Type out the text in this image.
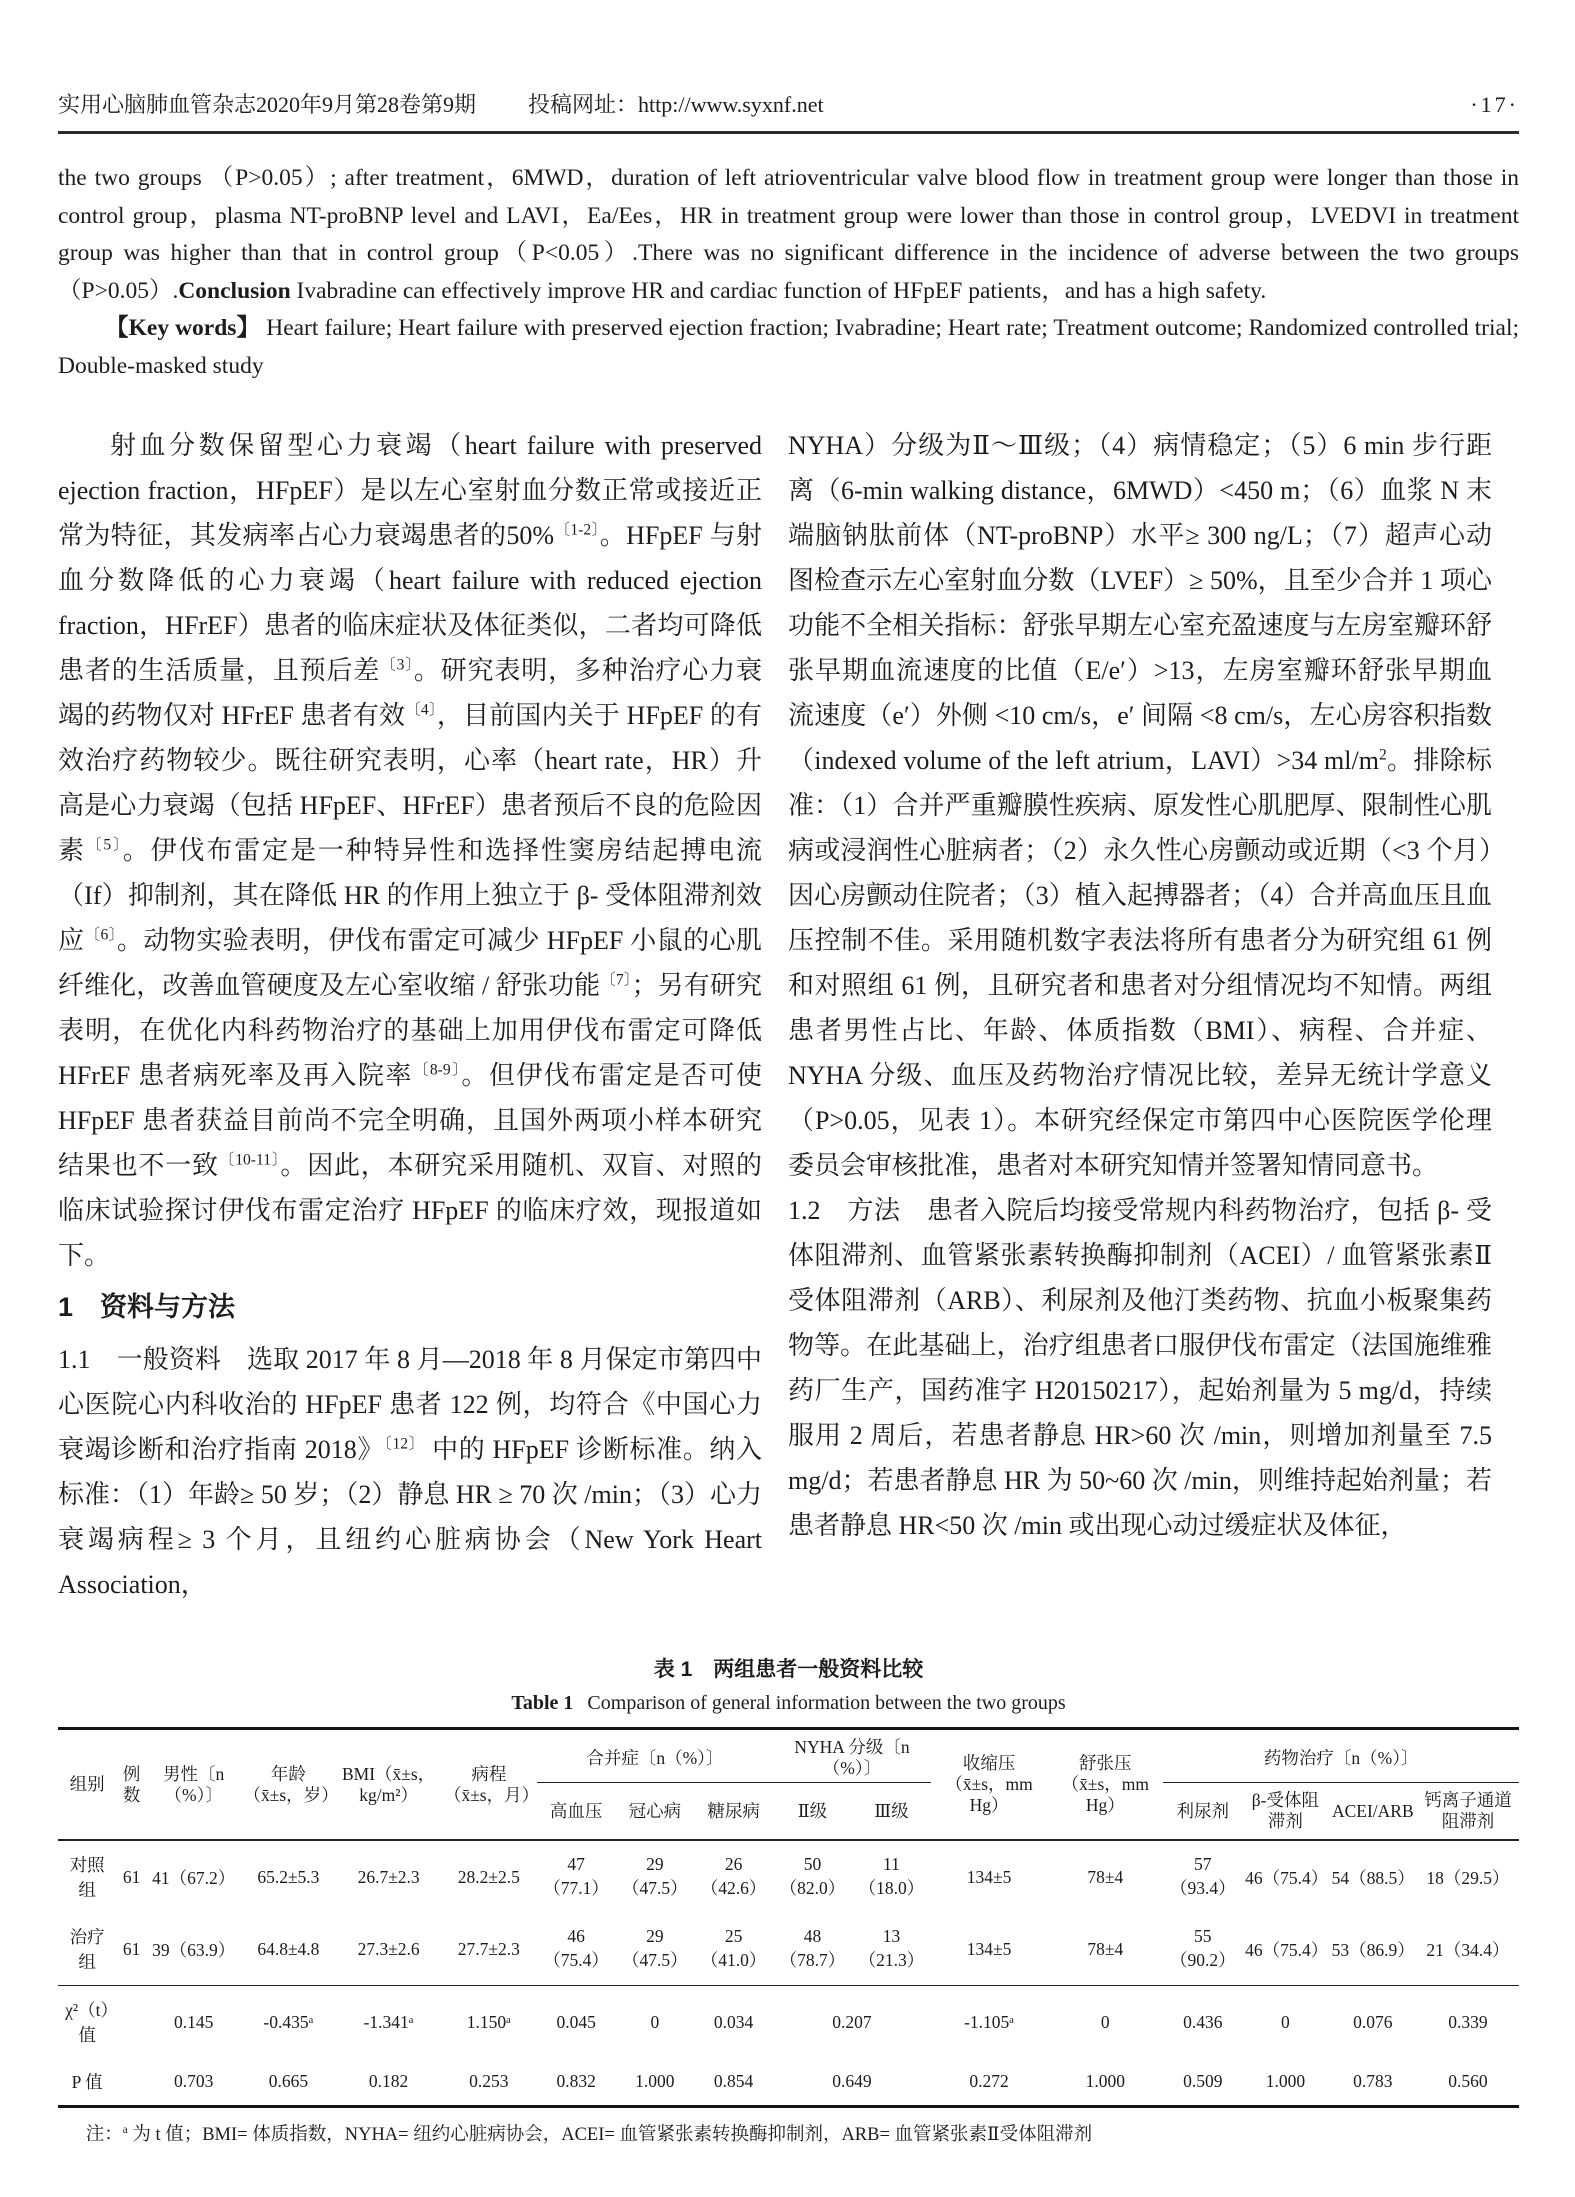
实用心脑肺血管杂志2020年9月第28卷第9期 投稿网址：http://www.syxnf.net	·17·

the two groups （P>0.05）; after treatment，6MWD，duration of left atrioventricular valve blood flow in treatment group were longer than those in control group，plasma NT-proBNP level and LAVI，Ea/Ees，HR in treatment group were lower than those in control group，LVEDVI in treatment group was higher than that in control group（P<0.05）.There was no significant difference in the incidence of adverse between the two groups（P>0.05）.Conclusion Ivabradine can effectively improve HR and cardiac function of HFpEF patients，and has a high safety.

【Key words】 Heart failure; Heart failure with preserved ejection fraction; Ivabradine; Heart rate; Treatment outcome; Randomized controlled trial; Double-masked study

射血分数保留型心力衰竭（heart failure with preserved ejection fraction，HFpEF）是以左心室射血分数正常或接近正常为特征，其发病率占心力衰竭患者的50%$^{〔1-2〕}$。HFpEF 与射血分数降低的心力衰竭（heart failure with reduced ejection fraction，HFrEF）患者的临床症状及体征类似，二者均可降低患者的生活质量，且预后差$^{〔3〕}$。研究表明，多种治疗心力衰竭的药物仅对 HFrEF 患者有效$^{〔4〕}$，目前国内关于 HFpEF 的有效治疗药物较少。既往研究表明，心率（heart rate，HR）升高是心力衰竭（包括 HFpEF、HFrEF）患者预后不良的危险因素$^{〔5〕}$。伊伐布雷定是一种特异性和选择性窦房结起搏电流（If）抑制剂，其在降低 HR 的作用上独立于 β- 受体阻滞剂效应$^{〔6〕}$。动物实验表明，伊伐布雷定可减少 HFpEF 小鼠的心肌纤维化，改善血管硬度及左心室收缩 / 舒张功能$^{〔7〕}$；另有研究表明，在优化内科药物治疗的基础上加用伊伐布雷定可降低 HFrEF 患者病死率及再入院率$^{〔8-9〕}$。但伊伐布雷定是否可使 HFpEF 患者获益目前尚不完全明确，且国外两项小样本研究结果也不一致$^{〔10-11〕}$。因此，本研究采用随机、双盲、对照的临床试验探讨伊伐布雷定治疗 HFpEF 的临床疗效，现报道如下。

1　资料与方法

1.1　一般资料　选取 2017 年 8 月—2018 年 8 月保定市第四中心医院心内科收治的 HFpEF 患者 122 例，均符合《中国心力衰竭诊断和治疗指南 2018》$^{〔12〕}$ 中的 HFpEF 诊断标准。纳入标准：（1）年龄≥ 50 岁；（2）静息 HR ≥ 70 次 /min；（3）心力衰竭病程≥ 3 个月，且纽约心脏病协会（New York Heart Association，

NYHA）分级为Ⅱ～Ⅲ级；（4）病情稳定；（5）6 min 步行距离（6-min walking distance，6MWD）<450 m；（6）血浆 N 末端脑钠肽前体（NT-proBNP）水平≥ 300 ng/L；（7）超声心动图检查示左心室射血分数（LVEF）≥ 50%，且至少合并 1 项心功能不全相关指标：舒张早期左心室充盈速度与左房室瓣环舒张早期血流速度的比值（E/e′）>13，左房室瓣环舒张早期血流速度（e′）外侧 <10 cm/s，e′ 间隔 <8 cm/s，左心房容积指数（indexed volume of the left atrium，LAVI）>34 $ml/m^2$。排除标准：（1）合并严重瓣膜性疾病、原发性心肌肥厚、限制性心肌病或浸润性心脏病者；（2）永久性心房颤动或近期（<3 个月）因心房颤动住院者；（3）植入起搏器者；（4）合并高血压且血压控制不佳。采用随机数字表法将所有患者分为研究组 61 例和对照组 61 例，且研究者和患者对分组情况均不知情。两组患者男性占比、年龄、体质指数（BMI）、病程、合并症、NYHA 分级、血压及药物治疗情况比较，差异无统计学意义（P>0.05，见表 1）。本研究经保定市第四中心医院医学伦理委员会审核批准，患者对本研究知情并签署知情同意书。

1.2　方法　患者入院后均接受常规内科药物治疗，包括 β- 受体阻滞剂、血管紧张素转换酶抑制剂（ACEI）/ 血管紧张素Ⅱ受体阻滞剂（ARB）、利尿剂及他汀类药物、抗血小板聚集药物等。在此基础上，治疗组患者口服伊伐布雷定（法国施维雅药厂生产，国药准字 H20150217），起始剂量为 5 mg/d，持续服用 2 周后，若患者静息 HR>60 次 /min，则增加剂量至 7.5 mg/d；若患者静息 HR 为 50~60 次 /min，则维持起始剂量；若患者静息 HR<50 次 /min 或出现心动过缓症状及体征，

表 1　两组患者一般资料比较
Table 1 Comparison of general information between the two groups
组别	例数	男性〔n（%）〕	年龄（x̄±s，岁）	BMI（x̄±s，kg/m²）	病程（x̄±s，月）	合并症〔n（%）〕			NYHA 分级〔n（%）〕		收缩压（x̄±s，mm Hg）	舒张压（x̄±s，mm Hg）	药物治疗〔n（%）〕			
						高血压	冠心病	糖尿病	Ⅱ级	Ⅲ级			利尿剂	β-受体阻滞剂	ACEI/ARB	钙离子通道阻滞剂
对照组	61	41（67.2）	65.2±5.3	26.7±2.3	28.2±2.5	47（77.1）	29（47.5）	26（42.6）	50（82.0）	11（18.0）	134±5	78±4	57（93.4）	46（75.4）	54（88.5）	18（29.5）
治疗组	61	39（63.9）	64.8±4.8	27.3±2.6	27.7±2.3	46（75.4）	29（47.5）	25（41.0）	48（78.7）	13（21.3）	134±5	78±4	55（90.2）	46（75.4）	53（86.9）	21（34.4）
χ²（t）值		0.145	-0.435ᵃ	-1.341ᵃ	1.150ᵃ	0.045	0	0.034	0.207		-1.105ᵃ	0	0.436	0	0.076	0.339
P 值		0.703	0.665	0.182	0.253	0.832	1.000	0.854	0.649		0.272	1.000	0.509	1.000	0.783	0.560
注：$^a$ 为 t 值；BMI= 体质指数，NYHA= 纽约心脏病协会，ACEI= 血管紧张素转换酶抑制剂，ARB= 血管紧张素Ⅱ受体阻滞剂
